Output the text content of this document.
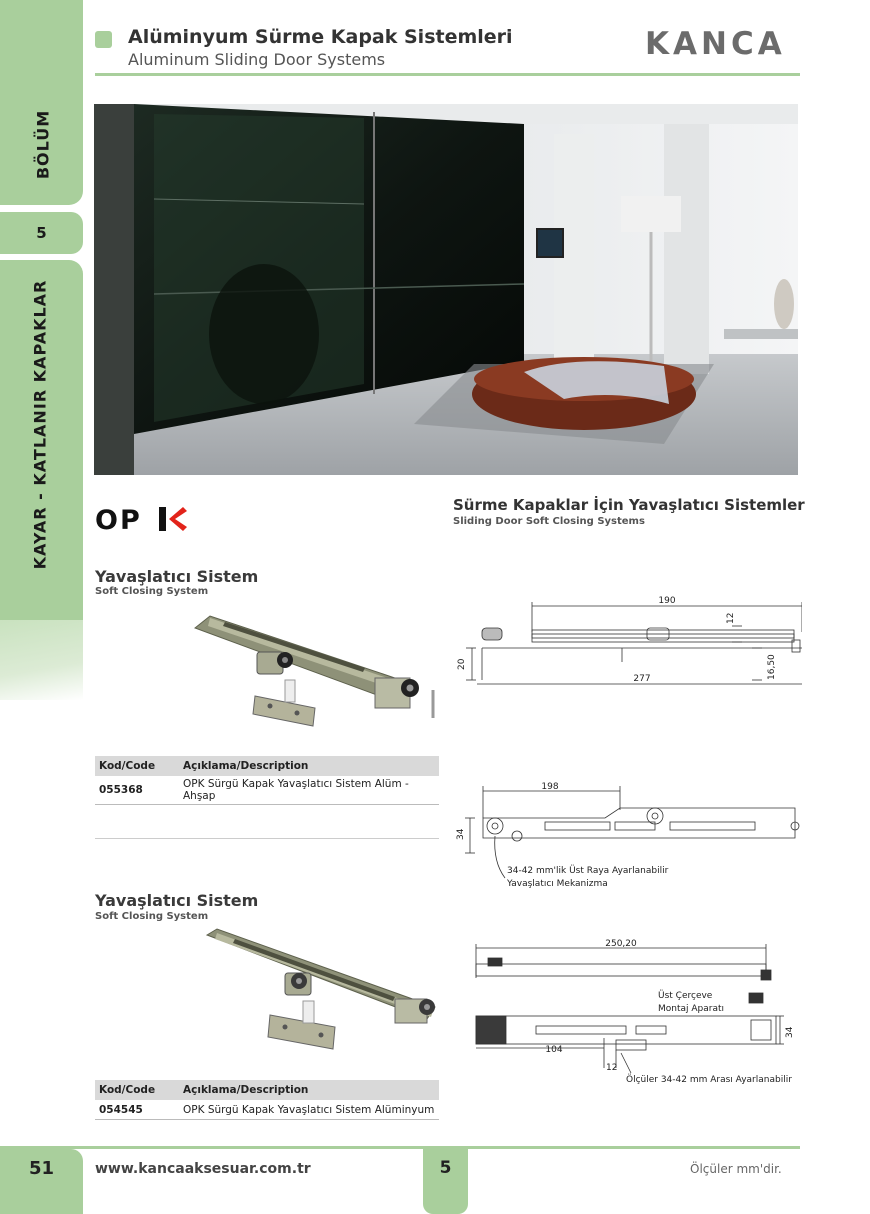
BÖLÜM
5
KAYAR - KATLANIR KAPAKLAR
Alüminyum Sürme Kapak Sistemleri
Aluminum Sliding Door Systems	KANCA
OP	Sürme Kapaklar İçin Yavaşlatıcı Sistemler
Sliding Door Soft Closing Systems
Yavaşlatıcı Sistem
Soft Closing System
Kod/Code	Açıklama/Description
055368	OPK Sürgü Kapak Yavaşlatıcı Sistem Alüm - Ahşap
Yavaşlatıcı Sistem
Soft Closing System
Kod/Code	Açıklama/Description
054545	OPK Sürgü Kapak Yavaşlatıcı Sistem Alüminyum
190
12
20	16,50
277
198
34
34-42 mm'lik Üst Raya Ayarlanabilir
Yavaşlatıcı Mekanizma
250,20
Üst Çerçeve
Montaj Aparatı
34
104
12
Ölçüler 34-42 mm Arası Ayarlanabilir
51	www.kancaaksesuar.com.tr	5	Ölçüler mm'dir.
